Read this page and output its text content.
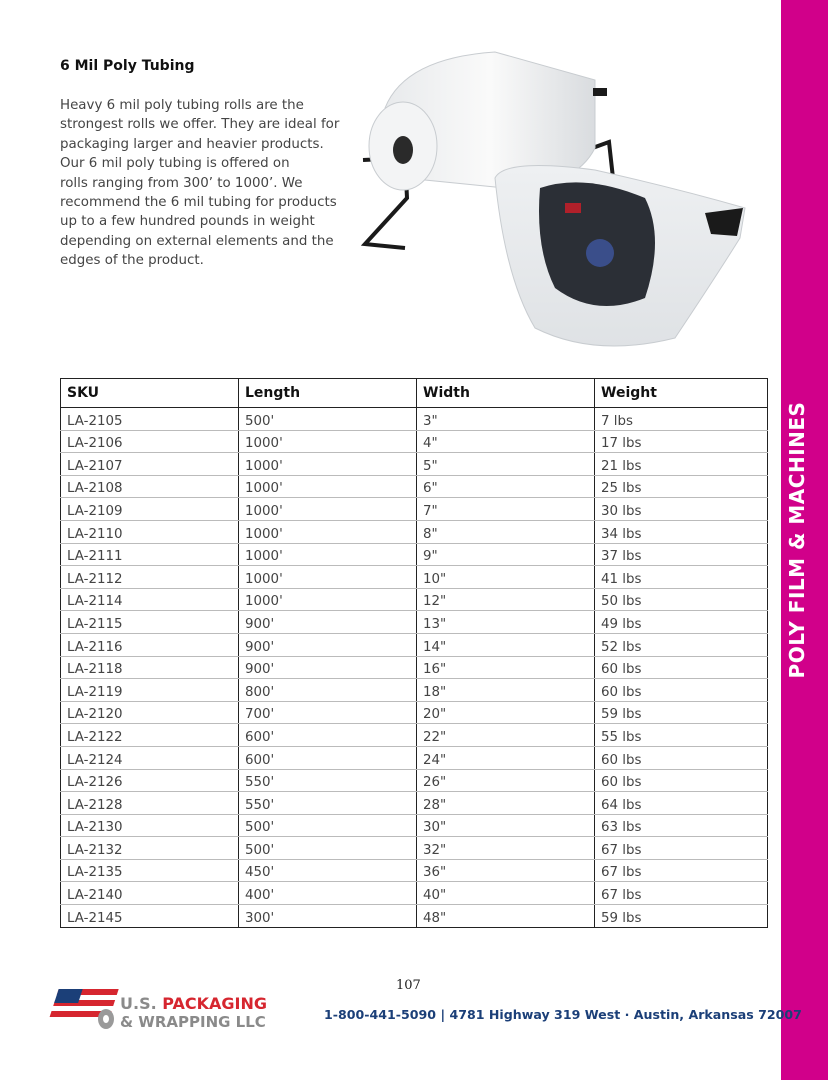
POLY FILM & MACHINES
6 Mil Poly Tubing
Heavy 6 mil poly tubing rolls are the
strongest rolls we offer. They are ideal for
packaging larger and heavier products.
Our 6 mil poly tubing is offered on
rolls ranging from 300’ to 1000’. We
recommend the 6 mil tubing for products
up to a few hundred pounds in weight
depending on external elements and the
edges of the product.
SKU	Length	Width	Weight
LA-2105	500'	3"	7 lbs
LA-2106	1000'	4"	17 lbs
LA-2107	1000'	5"	21 lbs
LA-2108	1000'	6"	25 lbs
LA-2109	1000'	7"	30 lbs
LA-2110	1000'	8"	34 lbs
LA-2111	1000'	9"	37 lbs
LA-2112	1000'	10"	41 lbs
LA-2114	1000'	12"	50 lbs
LA-2115	900'	13"	49 lbs
LA-2116	900'	14"	52 lbs
LA-2118	900'	16"	60 lbs
LA-2119	800'	18"	60 lbs
LA-2120	700'	20"	59 lbs
LA-2122	600'	22"	55 lbs
LA-2124	600'	24"	60 lbs
LA-2126	550'	26"	60 lbs
LA-2128	550'	28"	64 lbs
LA-2130	500'	30"	63 lbs
LA-2132	500'	32"	67 lbs
LA-2135	450'	36"	67 lbs
LA-2140	400'	40"	67 lbs
LA-2145	300'	48"	59 lbs
107
U.S. PACKAGING
& WRAPPING LLC	1-800-441-5090 | 4781 Highway 319 West · Austin, Arkansas 72007
